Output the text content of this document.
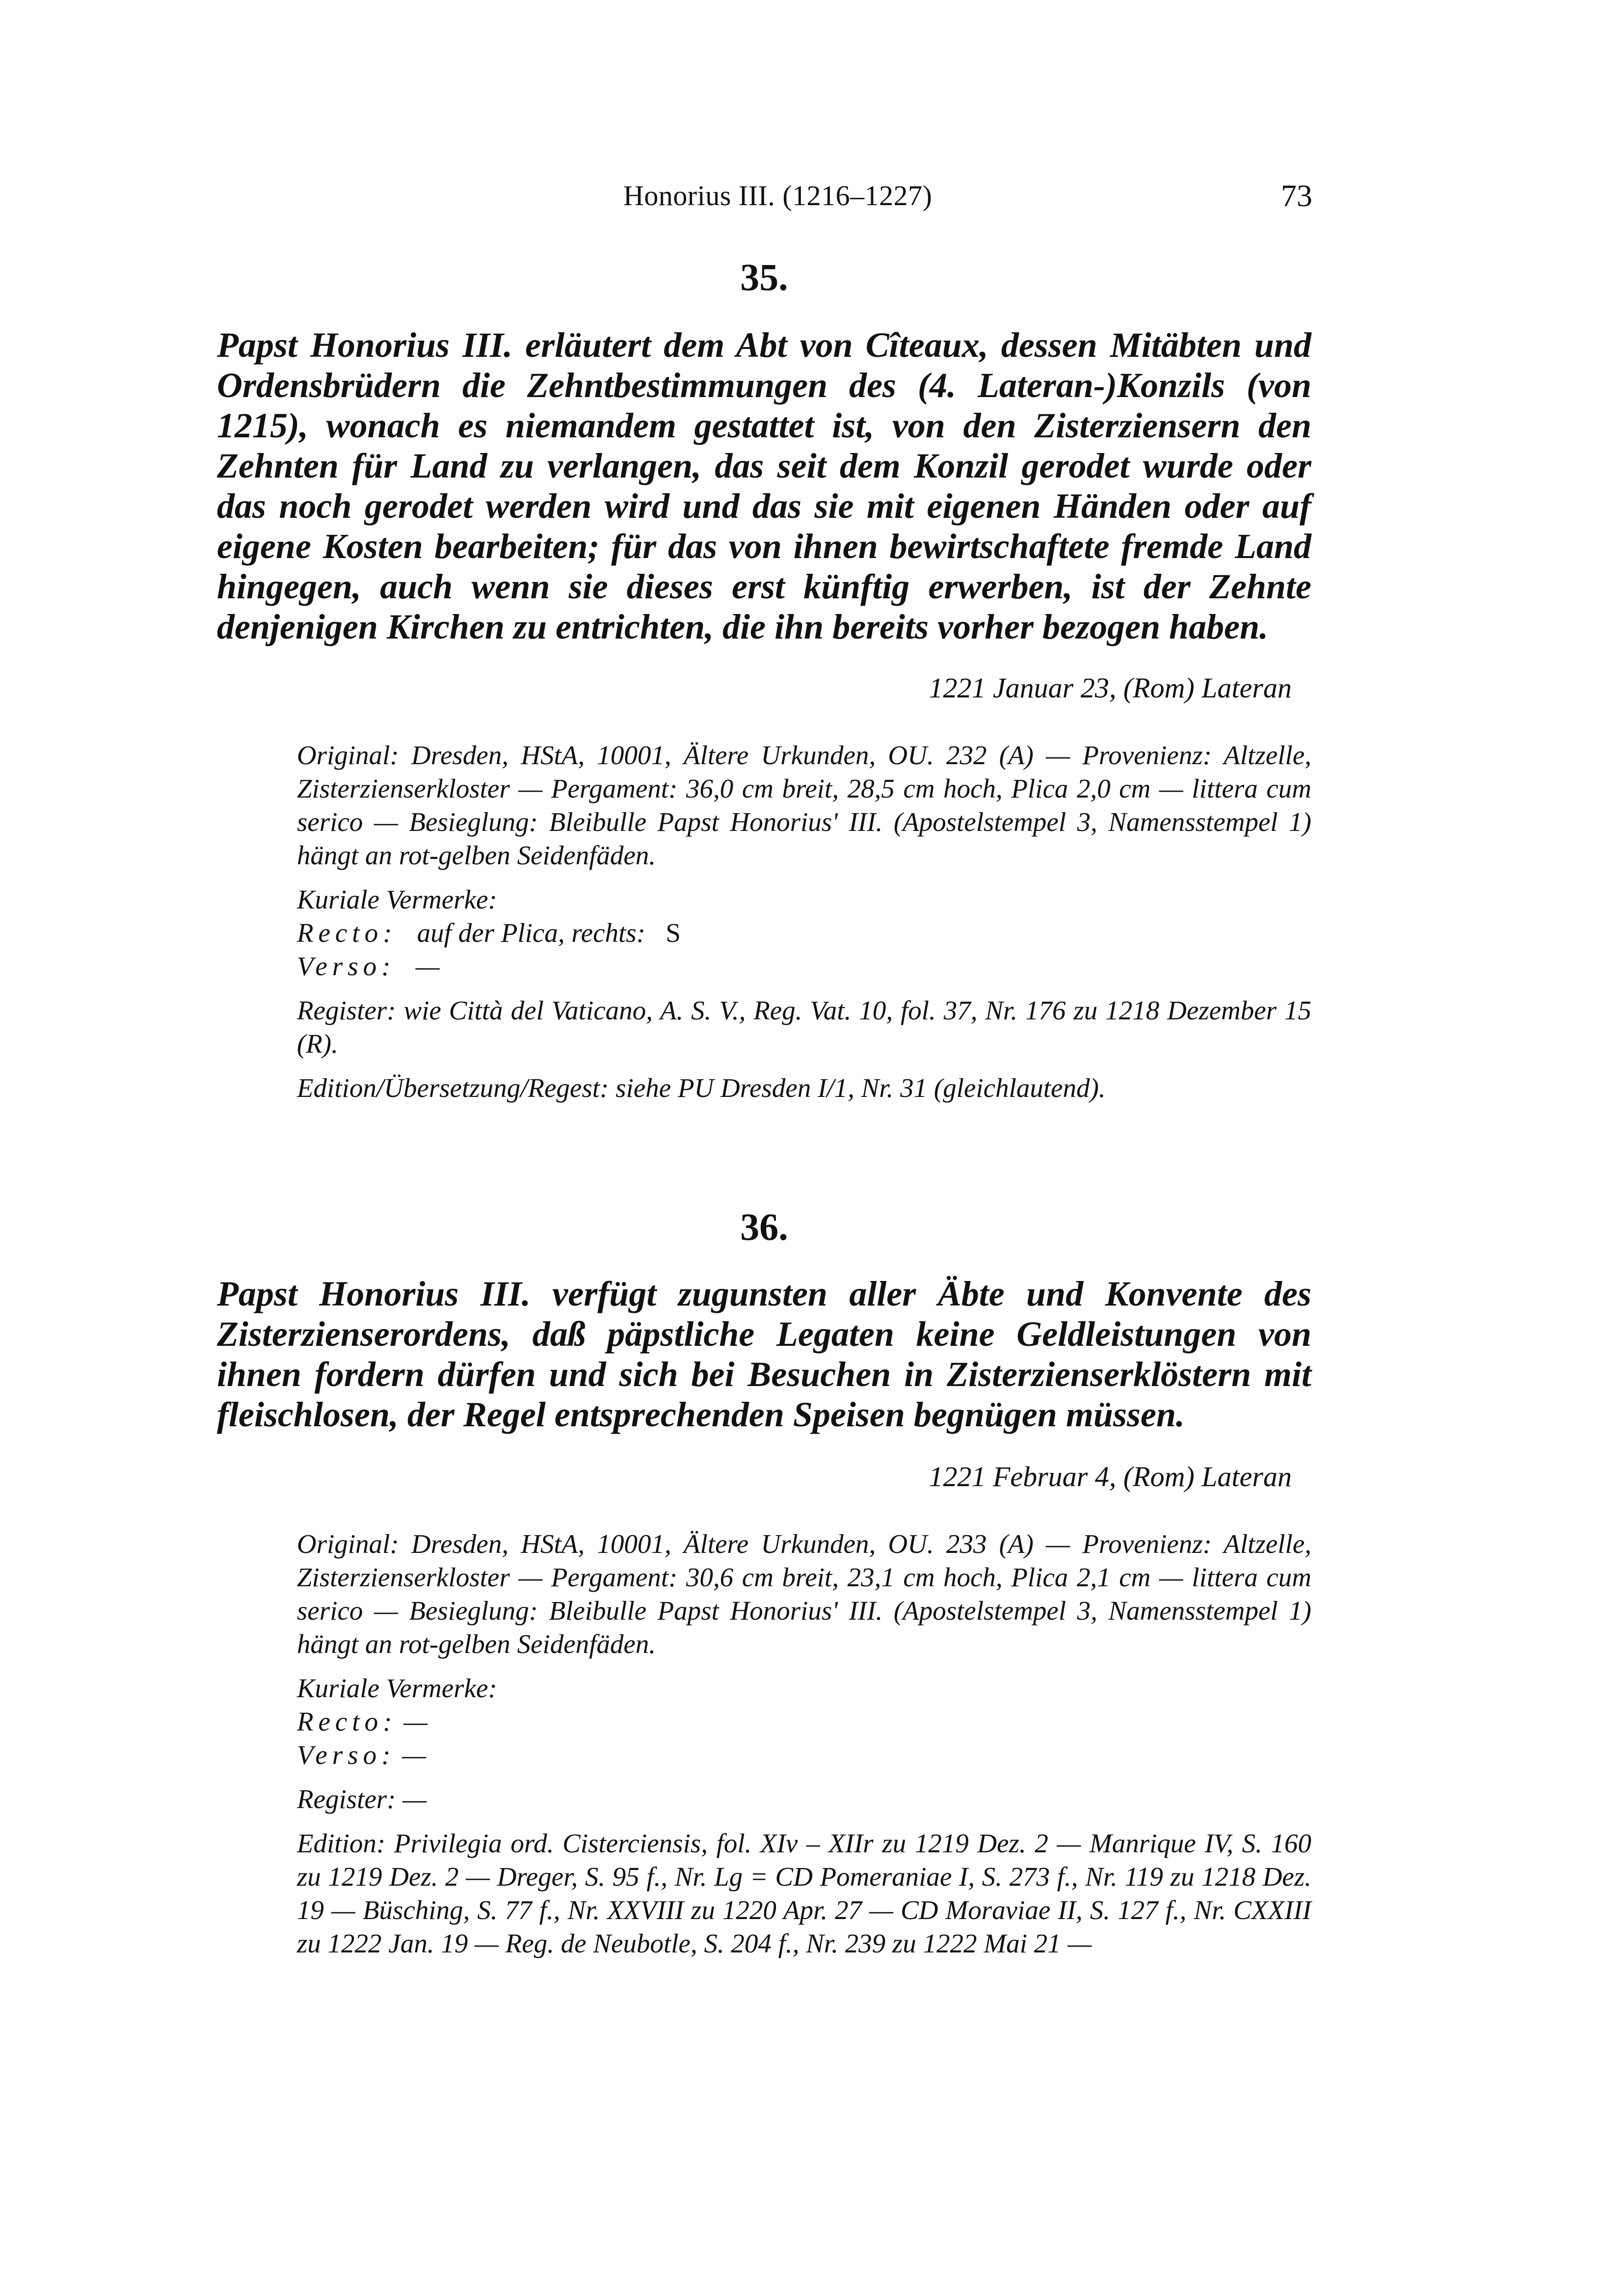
Honorius III. (1216–1227)	73

35.

Papst Honorius III. erläutert dem Abt von Cîteaux, dessen Mitäbten und Ordensbrüdern die Zehntbestimmungen des (4. Lateran-)Konzils (von 1215), wonach es niemandem gestattet ist, von den Zisterziensern den Zehnten für Land zu verlangen, das seit dem Konzil gerodet wurde oder das noch gerodet werden wird und das sie mit eigenen Händen oder auf eigene Kosten bearbeiten; für das von ihnen bewirtschaftete fremde Land hingegen, auch wenn sie dieses erst künftig erwerben, ist der Zehnte denjenigen Kirchen zu entrichten, die ihn bereits vorher bezogen haben.

1221 Januar 23, (Rom) Lateran

Original: Dresden, HStA, 10001, Ältere Urkunden, OU. 232 (A) — Provenienz: Altzelle, Zisterzienserkloster — Pergament: 36,0 cm breit, 28,5 cm hoch, Plica 2,0 cm — littera cum serico — Besieglung: Bleibulle Papst Honorius' III. (Apostelstempel 3, Namensstempel 1) hängt an rot-gelben Seidenfäden.

Kuriale Vermerke:

Recto: auf der Plica, rechts: S

Verso: —

Register: wie Città del Vaticano, A. S. V., Reg. Vat. 10, fol. 37, Nr. 176 zu 1218 Dezember 15 (R).

Edition/Übersetzung/Regest: siehe PU Dresden I/1, Nr. 31 (gleichlautend).

36.

Papst Honorius III. verfügt zugunsten aller Äbte und Konvente des Zisterzienserordens, daß päpstliche Legaten keine Geldleistungen von ihnen fordern dürfen und sich bei Besuchen in Zisterzienserklöstern mit fleischlosen, der Regel entsprechenden Speisen begnügen müssen.

1221 Februar 4, (Rom) Lateran

Original: Dresden, HStA, 10001, Ältere Urkunden, OU. 233 (A) — Provenienz: Altzelle, Zisterzienserkloster — Pergament: 30,6 cm breit, 23,1 cm hoch, Plica 2,1 cm — littera cum serico — Besieglung: Bleibulle Papst Honorius' III. (Apostelstempel 3, Namensstempel 1) hängt an rot-gelben Seidenfäden.

Kuriale Vermerke:

Recto: —

Verso: —

Register: —

Edition: Privilegia ord. Cisterciensis, fol. XIv – XIIr zu 1219 Dez. 2 — Manrique IV, S. 160 zu 1219 Dez. 2 — Dreger, S. 95 f., Nr. Lg = CD Pomeraniae I, S. 273 f., Nr. 119 zu 1218 Dez. 19 — Büsching, S. 77 f., Nr. XXVIII zu 1220 Apr. 27 — CD Moraviae II, S. 127 f., Nr. CXXIII zu 1222 Jan. 19 — Reg. de Neubotle, S. 204 f., Nr. 239 zu 1222 Mai 21 —
